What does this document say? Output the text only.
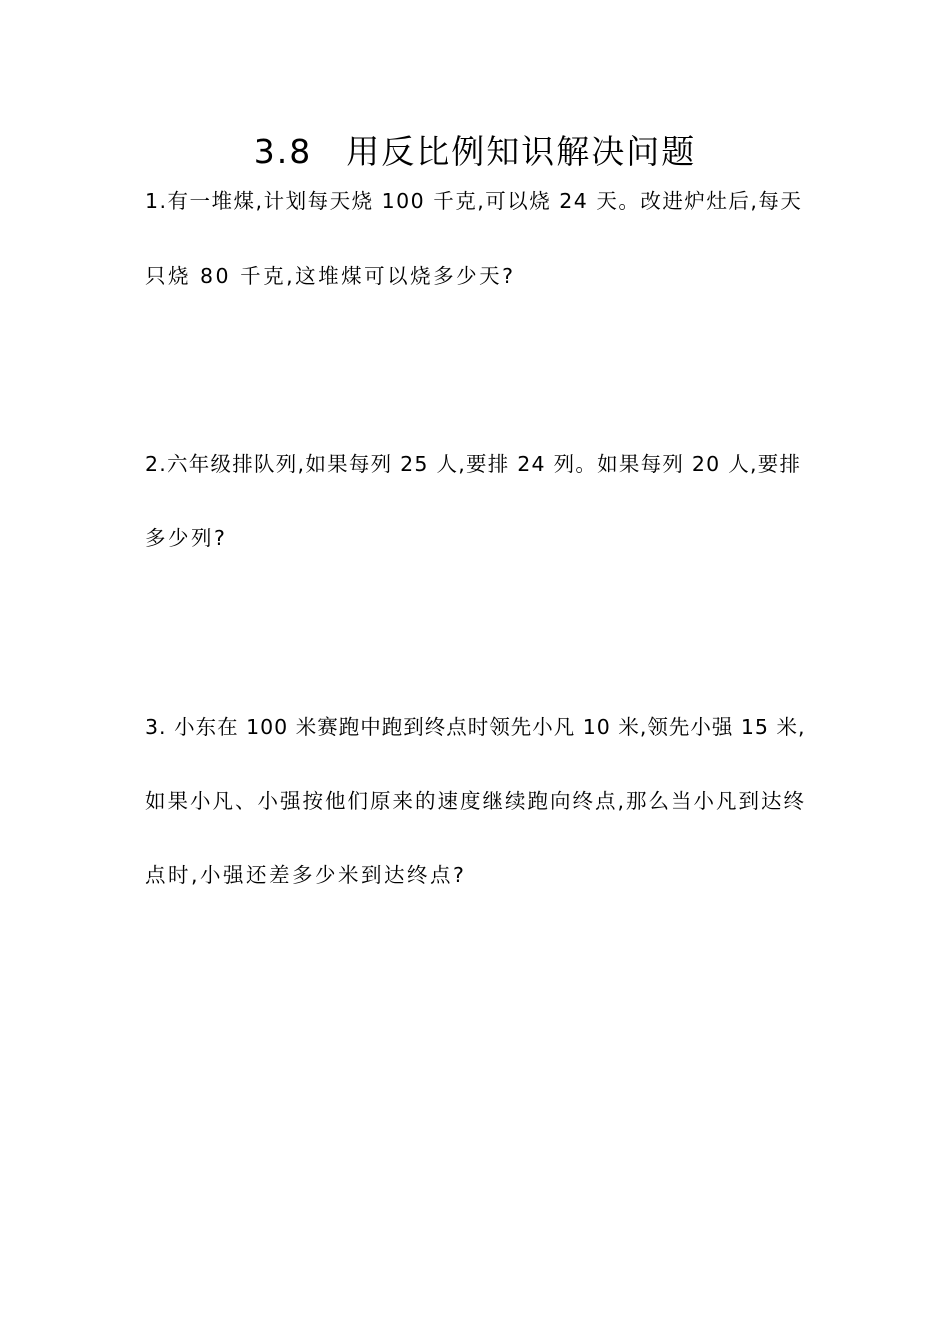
3.8 用反比例知识解决问题

1.有一堆煤,计划每天烧 100 千克,可以烧 24 天。改进炉灶后,每天

只烧 80 千克,这堆煤可以烧多少天?

2.六年级排队列,如果每列 25 人,要排 24 列。如果每列 20 人,要排

多少列?

3. 小东在 100 米赛跑中跑到终点时领先小凡 10 米,领先小强 15 米,

如果小凡、小强按他们原来的速度继续跑向终点,那么当小凡到达终

点时,小强还差多少米到达终点?
